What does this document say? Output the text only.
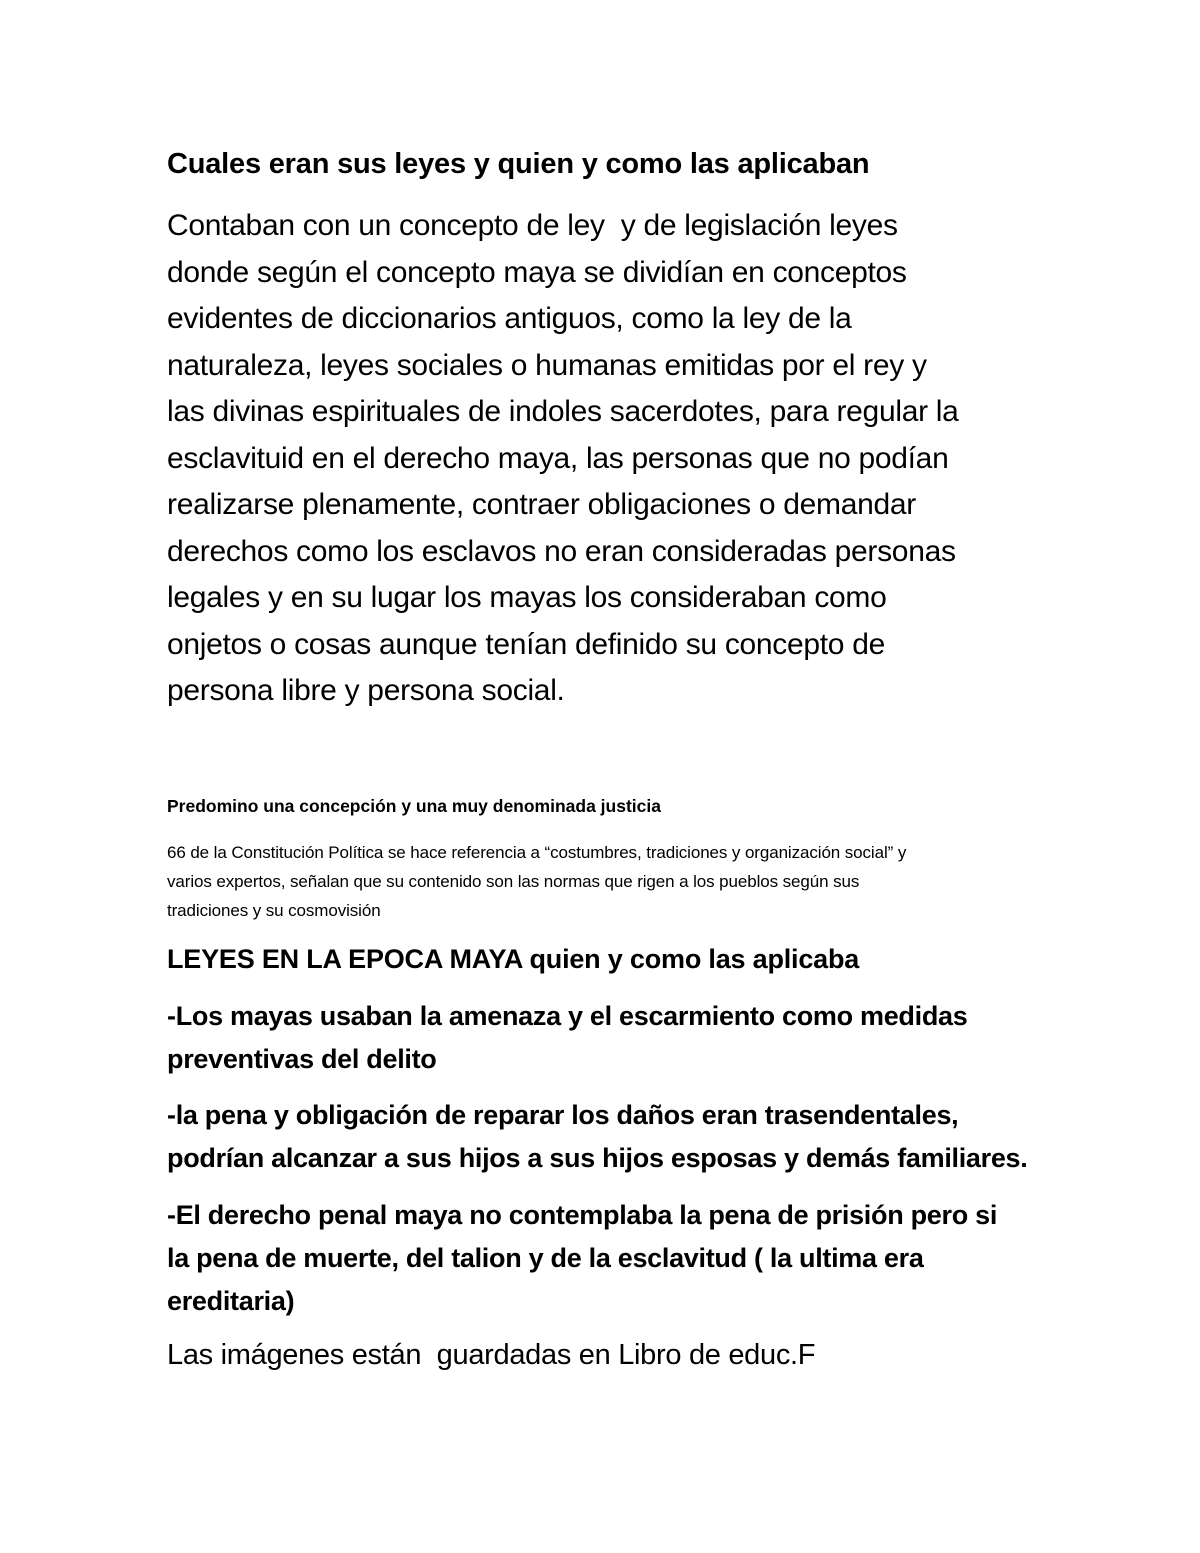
Cuales eran sus leyes y quien y como las aplicaban

Contaban con un concepto de ley  y de legislación leyes
donde según el concepto maya se dividían en conceptos
evidentes de diccionarios antiguos, como la ley de la
naturaleza, leyes sociales o humanas emitidas por el rey y
las divinas espirituales de indoles sacerdotes, para regular la
esclavituid en el derecho maya, las personas que no podían
realizarse plenamente, contraer obligaciones o demandar
derechos como los esclavos no eran consideradas personas
legales y en su lugar los mayas los consideraban como
onjetos o cosas aunque tenían definido su concepto de
persona libre y persona social.

Predomino una concepción y una muy denominada justicia

66 de la Constitución Política se hace referencia a “costumbres, tradiciones y organización social” y
varios expertos, señalan que su contenido son las normas que rigen a los pueblos según sus
tradiciones y su cosmovisión

LEYES EN LA EPOCA MAYA quien y como las aplicaba

-Los mayas usaban la amenaza y el escarmiento como medidas
preventivas del delito

-la pena y obligación de reparar los daños eran trasendentales,
podrían alcanzar a sus hijos a sus hijos esposas y demás familiares.

-El derecho penal maya no contemplaba la pena de prisión pero si
la pena de muerte, del talion y de la esclavitud ( la ultima era
ereditaria)

Las imágenes están  guardadas en Libro de educ.F
